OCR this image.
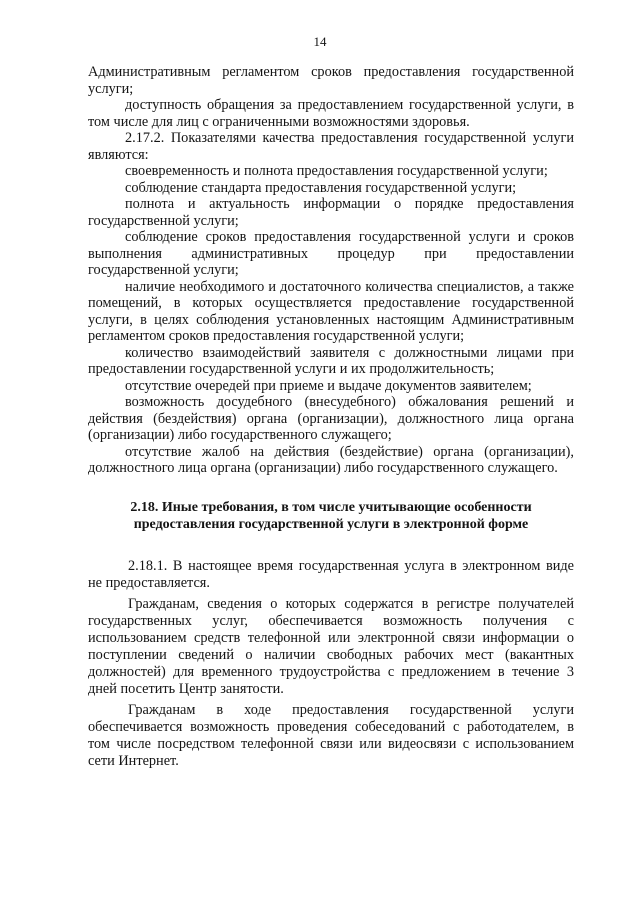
14

Административным регламентом сроков предоставления государственной услуги;

доступность обращения за предоставлением государственной услуги, в том числе для лиц с ограниченными возможностями здоровья.

2.17.2. Показателями качества предоставления государственной услуги являются:

своевременность и полнота предоставления государственной услуги;

соблюдение стандарта предоставления государственной услуги;

полнота и актуальность информации о порядке предоставления государственной услуги;

соблюдение сроков предоставления государственной услуги и сроков выполнения административных процедур при предоставлении государственной услуги;

наличие необходимого и достаточного количества специалистов, а также помещений, в которых осуществляется предоставление государственной услуги, в целях соблюдения установленных настоящим Административным регламентом сроков предоставления государственной услуги;

количество взаимодействий заявителя с должностными лицами при предоставлении государственной услуги и их продолжительность;

отсутствие очередей при приеме и выдаче документов заявителем;

возможность досудебного (внесудебного) обжалования решений и действия (бездействия) органа (организации), должностного лица органа (организации) либо государственного служащего;

отсутствие жалоб на действия (бездействие) органа (организации), должностного лица органа (организации) либо государственного служащего.

2.18. Иные требования, в том числе учитывающие особенности
предоставления государственной услуги в электронной форме

2.18.1. В настоящее время государственная услуга в электронном виде не предоставляется.

Гражданам, сведения о которых содержатся в регистре получателей государственных услуг, обеспечивается возможность получения с использованием средств телефонной или электронной связи информации о поступлении сведений о наличии свободных рабочих мест (вакантных должностей) для временного трудоустройства с предложением в течение 3 дней посетить Центр занятости.

Гражданам в ходе предоставления государственной услуги обеспечивается возможность проведения собеседований с работодателем, в том числе посредством телефонной связи или видеосвязи с использованием сети Интернет.
